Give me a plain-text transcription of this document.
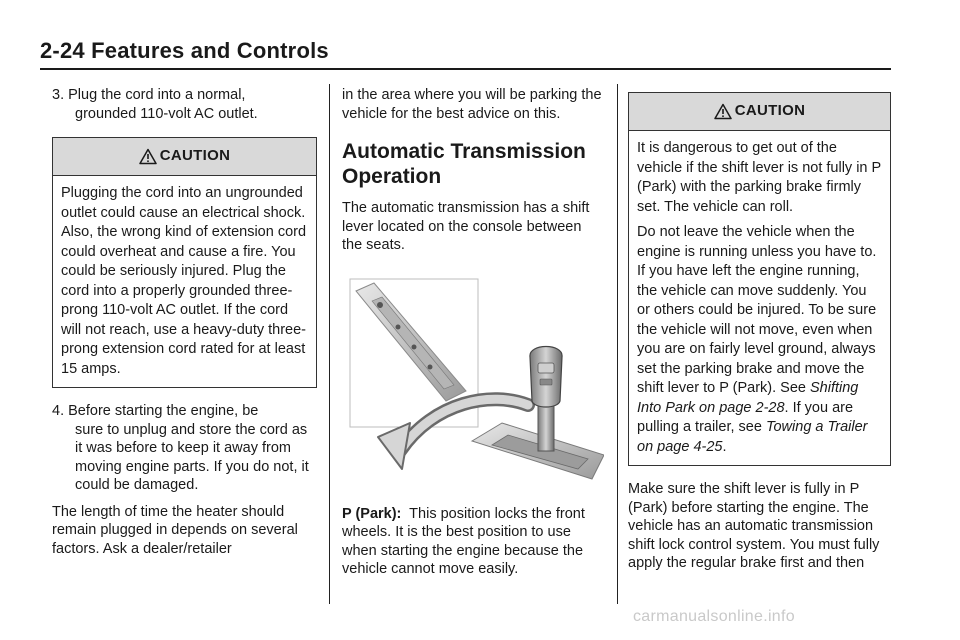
2-24 Features and Controls
3. Plug the cord into a normal,
grounded 110-volt AC outlet.
CAUTION

Plugging the cord into an ungrounded outlet could cause an electrical shock. Also, the wrong kind of extension cord could overheat and cause a fire. You could be seriously injured. Plug the cord into a properly grounded three-prong 110-volt AC outlet. If the cord will not reach, use a heavy-duty three-prong extension cord rated for at least 15 amps.

4. Before starting the engine, be
sure to unplug and store the cord as it was before to keep it away from moving engine parts. If you do not, it could be damaged.

The length of time the heater should remain plugged in depends on several factors. Ask a dealer/retailer

in the area where you will be parking the vehicle for the best advice on this.

Automatic Transmission Operation

The automatic transmission has a shift lever located on the console between the seats.

P (Park): This position locks the front wheels. It is the best position to use when starting the engine because the vehicle cannot move easily.

CAUTION

It is dangerous to get out of the vehicle if the shift lever is not fully in P (Park) with the parking brake firmly set. The vehicle can roll.

Do not leave the vehicle when the engine is running unless you have to. If you have left the engine running, the vehicle can move suddenly. You or others could be injured. To be sure the vehicle will not move, even when you are on fairly level ground, always set the parking brake and move the shift lever to P (Park). See Shifting Into Park on page 2-28. If you are pulling a trailer, see Towing a Trailer on page 4-25.

Make sure the shift lever is fully in P (Park) before starting the engine. The vehicle has an automatic transmission shift lock control system. You must fully apply the regular brake first and then

carmanualsonline.info
